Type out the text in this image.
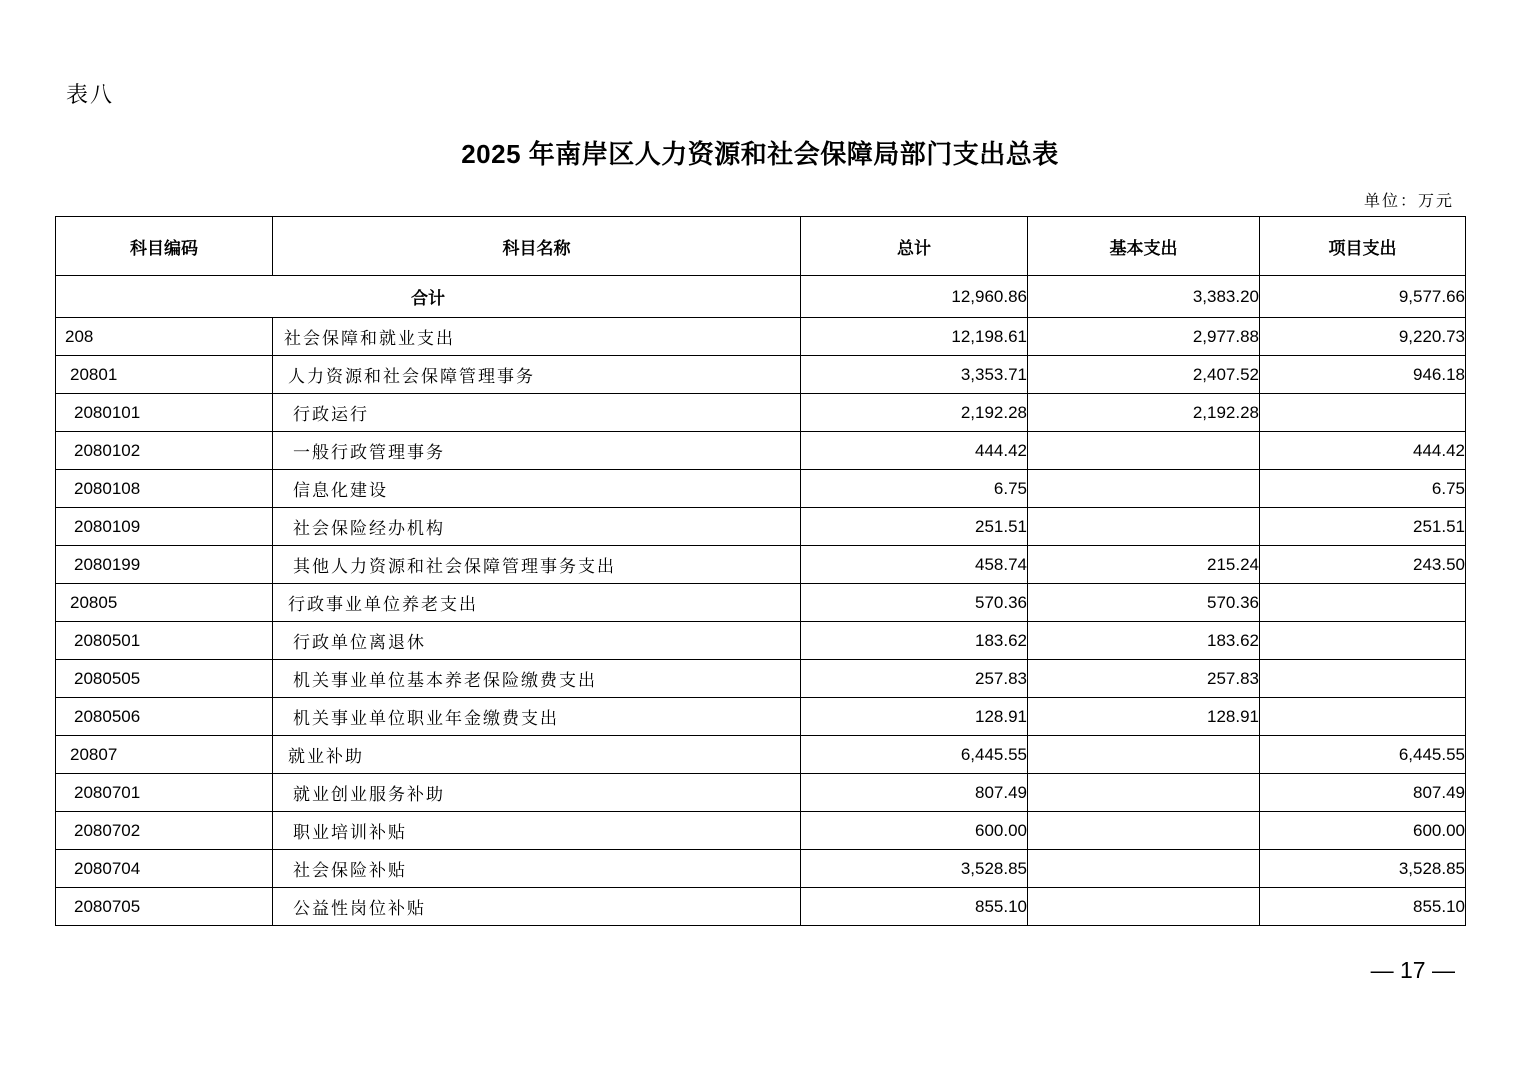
表八
2025 年南岸区人力资源和社会保障局部门支出总表
单位：万元
科目编码	科目名称	总计	基本支出	项目支出
合计		12,960.86	3,383.20	9,577.66
208	社会保障和就业支出	12,198.61	2,977.88	9,220.73
20801	人力资源和社会保障管理事务	3,353.71	2,407.52	946.18
2080101	行政运行	2,192.28	2,192.28	
2080102	一般行政管理事务	444.42		444.42
2080108	信息化建设	6.75		6.75
2080109	社会保险经办机构	251.51		251.51
2080199	其他人力资源和社会保障管理事务支出	458.74	215.24	243.50
20805	行政事业单位养老支出	570.36	570.36	
2080501	行政单位离退休	183.62	183.62	
2080505	机关事业单位基本养老保险缴费支出	257.83	257.83	
2080506	机关事业单位职业年金缴费支出	128.91	128.91	
20807	就业补助	6,445.55		6,445.55
2080701	就业创业服务补助	807.49		807.49
2080702	职业培训补贴	600.00		600.00
2080704	社会保险补贴	3,528.85		3,528.85
2080705	公益性岗位补贴	855.10		855.10
— 17 —
